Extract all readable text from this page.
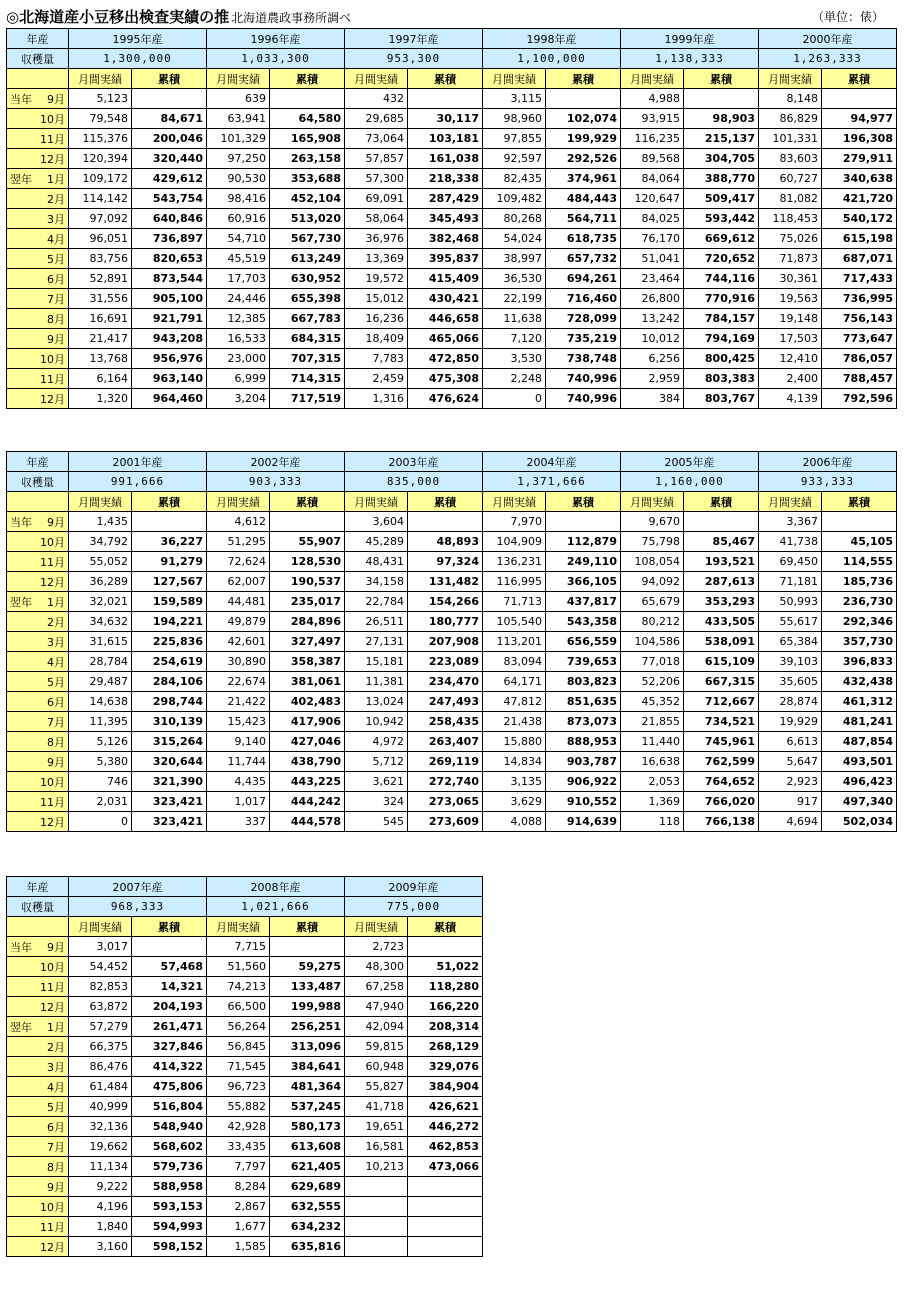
◎北海道産小豆移出検査実績の推 北海道農政事務所調べ	（単位：俵）
年産	1995年産		1996年産		1997年産		1998年産		1999年産		2000年産	
収穫量	1,300,000		1,033,300		953,300		1,100,000		1,138,333		1,263,333	
	月間実績	累積	月間実績	累積	月間実績	累積	月間実績	累積	月間実績	累積	月間実績	累積

当年 9月	5,123		639		432		3,115		4,988		8,148	
10月	79,548	84,671	63,941	64,580	29,685	30,117	98,960	102,074	93,915	98,903	86,829	94,977
11月	115,376	200,046	101,329	165,908	73,064	103,181	97,855	199,929	116,235	215,137	101,331	196,308
12月	120,394	320,440	97,250	263,158	57,857	161,038	92,597	292,526	89,568	304,705	83,603	279,911

翌年 1月	109,172	429,612	90,530	353,688	57,300	218,338	82,435	374,961	84,064	388,770	60,727	340,638
2月	114,142	543,754	98,416	452,104	69,091	287,429	109,482	484,443	120,647	509,417	81,082	421,720
3月	97,092	640,846	60,916	513,020	58,064	345,493	80,268	564,711	84,025	593,442	118,453	540,172
4月	96,051	736,897	54,710	567,730	36,976	382,468	54,024	618,735	76,170	669,612	75,026	615,198
5月	83,756	820,653	45,519	613,249	13,369	395,837	38,997	657,732	51,041	720,652	71,873	687,071
6月	52,891	873,544	17,703	630,952	19,572	415,409	36,530	694,261	23,464	744,116	30,361	717,433
7月	31,556	905,100	24,446	655,398	15,012	430,421	22,199	716,460	26,800	770,916	19,563	736,995
8月	16,691	921,791	12,385	667,783	16,236	446,658	11,638	728,099	13,242	784,157	19,148	756,143
9月	21,417	943,208	16,533	684,315	18,409	465,066	7,120	735,219	10,012	794,169	17,503	773,647
10月	13,768	956,976	23,000	707,315	7,783	472,850	3,530	738,748	6,256	800,425	12,410	786,057
11月	6,164	963,140	6,999	714,315	2,459	475,308	2,248	740,996	2,959	803,383	2,400	788,457
12月	1,320	964,460	3,204	717,519	1,316	476,624	0	740,996	384	803,767	4,139	792,596
年産	2001年産		2002年産		2003年産		2004年産		2005年産		2006年産	
収穫量	991,666		903,333		835,000		1,371,666		1,160,000		933,333	
	月間実績	累積	月間実績	累積	月間実績	累積	月間実績	累積	月間実績	累積	月間実績	累積

当年 9月	1,435		4,612		3,604		7,970		9,670		3,367	
10月	34,792	36,227	51,295	55,907	45,289	48,893	104,909	112,879	75,798	85,467	41,738	45,105
11月	55,052	91,279	72,624	128,530	48,431	97,324	136,231	249,110	108,054	193,521	69,450	114,555
12月	36,289	127,567	62,007	190,537	34,158	131,482	116,995	366,105	94,092	287,613	71,181	185,736

翌年 1月	32,021	159,589	44,481	235,017	22,784	154,266	71,713	437,817	65,679	353,293	50,993	236,730
2月	34,632	194,221	49,879	284,896	26,511	180,777	105,540	543,358	80,212	433,505	55,617	292,346
3月	31,615	225,836	42,601	327,497	27,131	207,908	113,201	656,559	104,586	538,091	65,384	357,730
4月	28,784	254,619	30,890	358,387	15,181	223,089	83,094	739,653	77,018	615,109	39,103	396,833
5月	29,487	284,106	22,674	381,061	11,381	234,470	64,171	803,823	52,206	667,315	35,605	432,438
6月	14,638	298,744	21,422	402,483	13,024	247,493	47,812	851,635	45,352	712,667	28,874	461,312
7月	11,395	310,139	15,423	417,906	10,942	258,435	21,438	873,073	21,855	734,521	19,929	481,241
8月	5,126	315,264	9,140	427,046	4,972	263,407	15,880	888,953	11,440	745,961	6,613	487,854
9月	5,380	320,644	11,744	438,790	5,712	269,119	14,834	903,787	16,638	762,599	5,647	493,501
10月	746	321,390	4,435	443,225	3,621	272,740	3,135	906,922	2,053	764,652	2,923	496,423
11月	2,031	323,421	1,017	444,242	324	273,065	3,629	910,552	1,369	766,020	917	497,340
12月	0	323,421	337	444,578	545	273,609	4,088	914,639	118	766,138	4,694	502,034
年産	2007年産		2008年産		2009年産	
収穫量	968,333		1,021,666		775,000	
	月間実績	累積	月間実績	累積	月間実績	累積

当年 9月	3,017		7,715		2,723	
10月	54,452	57,468	51,560	59,275	48,300	51,022
11月	82,853	14,321	74,213	133,487	67,258	118,280
12月	63,872	204,193	66,500	199,988	47,940	166,220

翌年 1月	57,279	261,471	56,264	256,251	42,094	208,314
2月	66,375	327,846	56,845	313,096	59,815	268,129
3月	86,476	414,322	71,545	384,641	60,948	329,076
4月	61,484	475,806	96,723	481,364	55,827	384,904
5月	40,999	516,804	55,882	537,245	41,718	426,621
6月	32,136	548,940	42,928	580,173	19,651	446,272
7月	19,662	568,602	33,435	613,608	16,581	462,853
8月	11,134	579,736	7,797	621,405	10,213	473,066
9月	9,222	588,958	8,284	629,689		
10月	4,196	593,153	2,867	632,555		
11月	1,840	594,993	1,677	634,232		
12月	3,160	598,152	1,585	635,816		
